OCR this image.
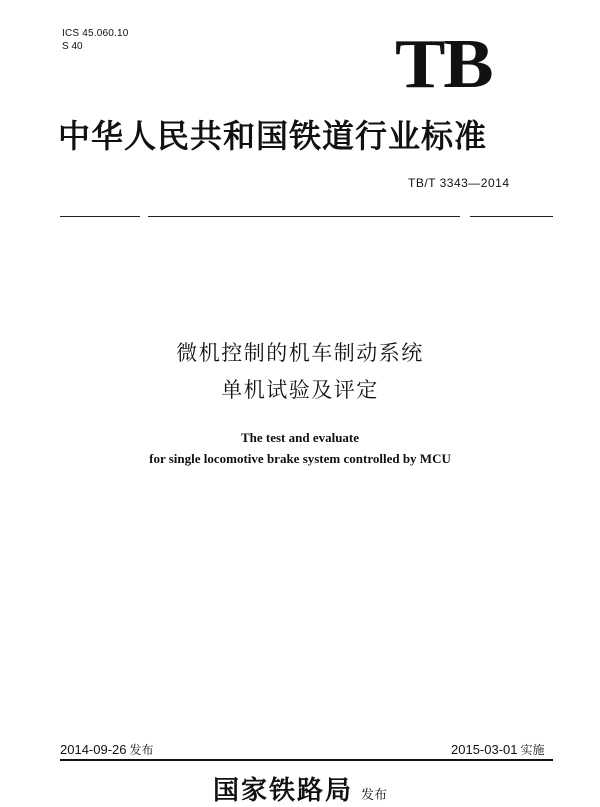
ICS 45.060.10
S 40	TB
中华人民共和国铁道行业标准
TB/T 3343—2014
微机控制的机车制动系统
单机试验及评定
The test and evaluate
for single locomotive brake system controlled by MCU
2014-09-26 发布	2015-03-01 实施
国家铁路局 发布
